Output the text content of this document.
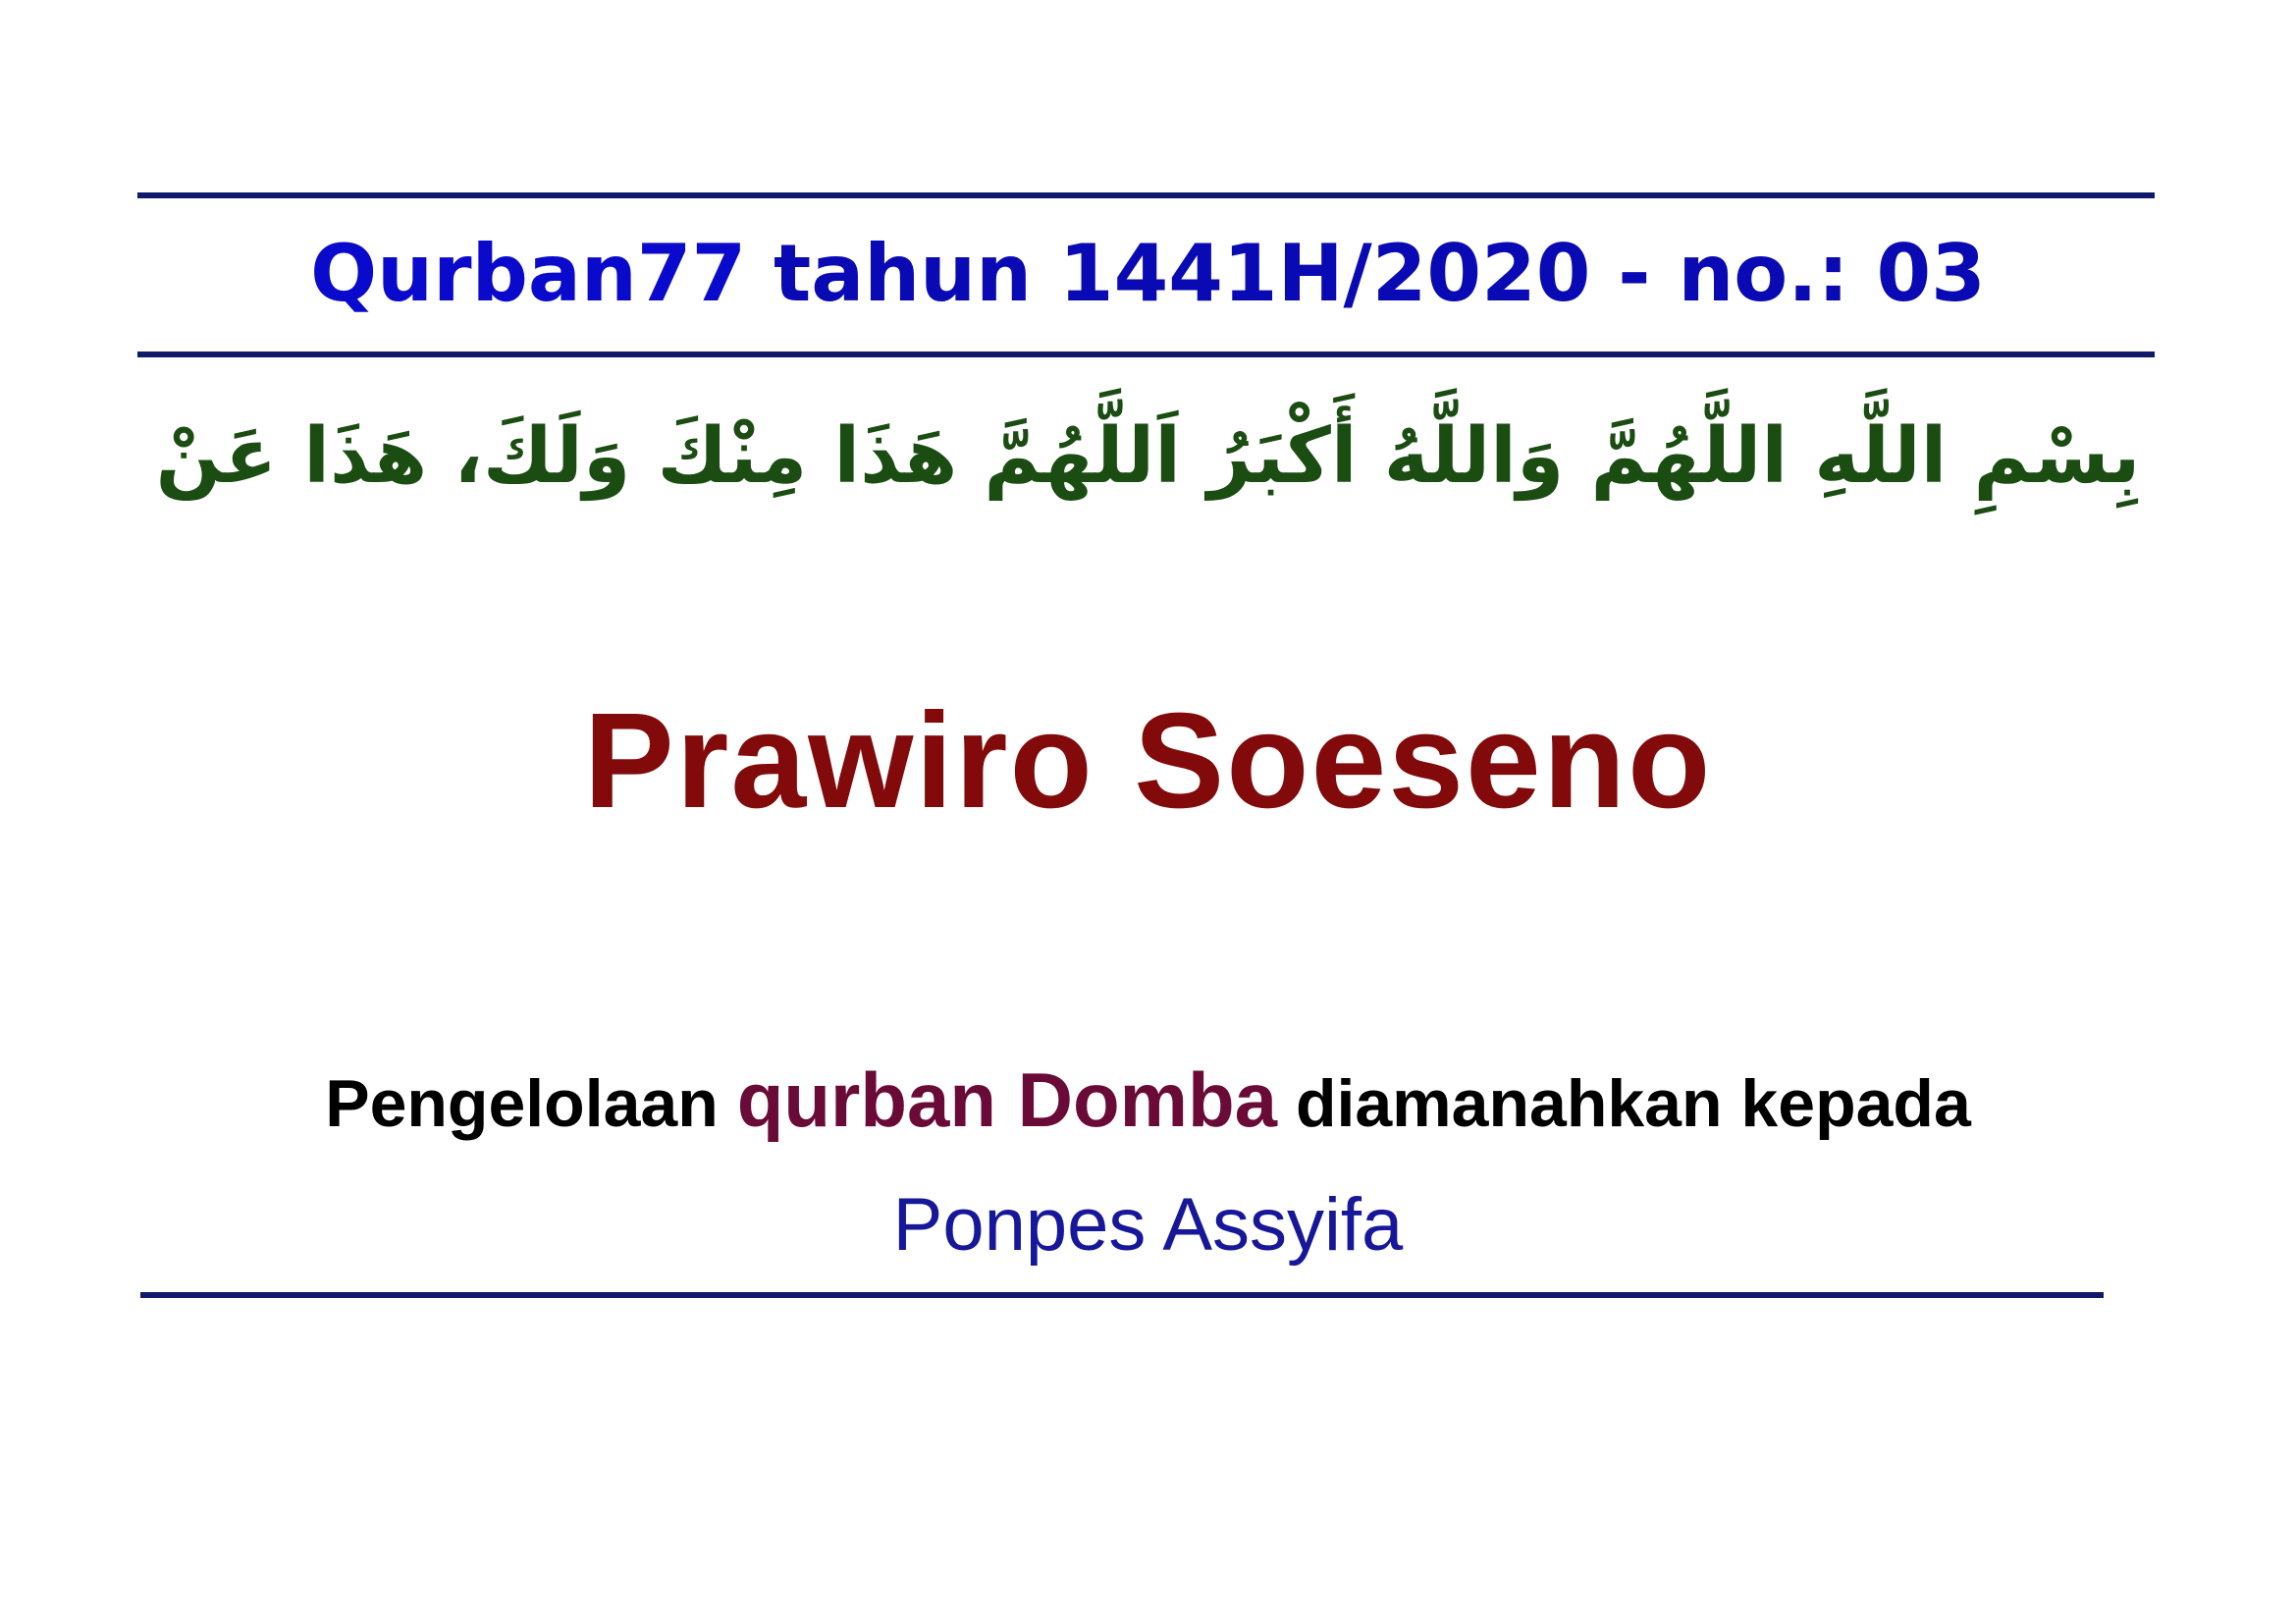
Qurban77 tahun 1441H/2020 - no.: 03
بِسْمِ اللَّهِ اللَّهُمَّ وَاللَّهُ أَكْبَرُ اَللَّهُمَّ هَذَا مِنْكَ وَلَكَ، هَذَا عَنْ
Prawiro Soeseno
Pengelolaan qurban Domba diamanahkan kepada
Ponpes Assyifa
